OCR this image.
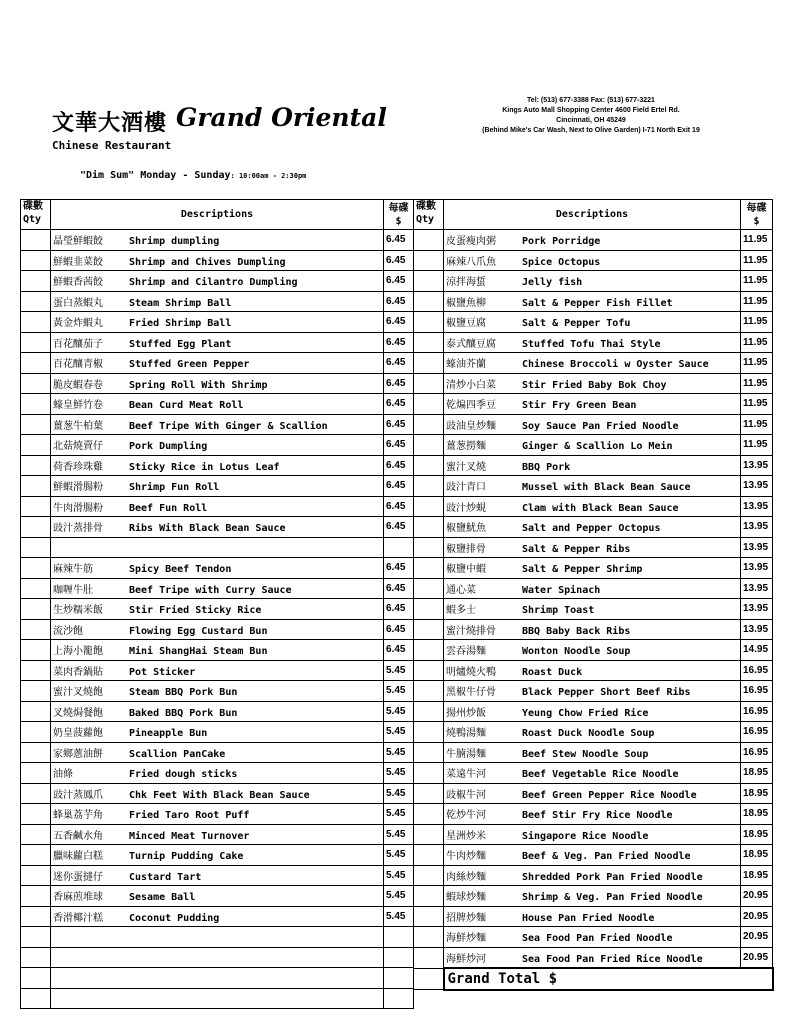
文華大酒樓 Grand Oriental
Chinese Restaurant
"Dim Sum" Monday - Sunday: 10:00am - 2:30pm
Tel: (513) 677-3388 Fax: (513) 677-3221
Kings Auto Mall Shopping Center 4600 Field Ertel Rd.
Cincinnati, OH 45249
(Behind Mike's Car Wash, Next to Olive Garden) I-71 North Exit 19
碟數
Qty	Descriptions	每碟
$
	晶瑩鮮蝦餃 Shrimp dumpling	6.45
	鮮蝦韭菜餃 Shrimp and Chives Dumpling	6.45
	鮮蝦香茜餃 Shrimp and Cilantro Dumpling	6.45
	蛋白蒸蝦丸 Steam Shrimp Ball	6.45
	黃金炸蝦丸 Fried Shrimp Ball	6.45
	百花釀茄子 Stuffed Egg Plant	6.45
	百花釀青椒 Stuffed Green Pepper	6.45
	脆皮蝦春卷 Spring Roll With Shrimp	6.45
	蠔皇鮮竹卷 Bean Curd Meat Roll	6.45
	薑葱牛柏葉 Beef Tripe With Ginger & Scallion	6.45
	北菇燒賣仔 Pork Dumpling	6.45
	荷香珍珠雞 Sticky Rice in Lotus Leaf	6.45
	鮮蝦滑腸粉 Shrimp Fun Roll	6.45
	牛肉滑腸粉 Beef Fun Roll	6.45
	豉汁蒸排骨 Ribs With Black Bean Sauce	6.45

	麻辣牛筋 Spicy Beef Tendon	6.45
	咖喱牛肚 Beef Tripe with Curry Sauce	6.45
	生炒糯米飯 Stir Fried Sticky Rice	6.45
	流沙飽 Flowing Egg Custard Bun	6.45
	上海小籠飽 Mini ShangHai Steam Bun	6.45
	菜肉香鍋貼 Pot Sticker	5.45
	蜜汁叉燒飽 Steam BBQ Pork Bun	5.45
	叉燒焗餐飽 Baked BBQ Pork Bun	5.45
	奶皇菠蘿飽 Pineapple Bun	5.45
	家鄉蔥油餅 Scallion PanCake	5.45
	油條 Fried dough sticks	5.45
	豉汁蒸鳳爪 Chk Feet With Black Bean Sauce	5.45
	蜂巢荔芋角 Fried Taro Root Puff	5.45
	五香鹹水角 Minced Meat Turnover	5.45
	臘味蘿白糕 Turnip Pudding Cake	5.45
	迷你蛋撻仔 Custard Tart	5.45
	香麻煎堆球 Sesame Ball	5.45
	香滑椰汁糕 Coconut Pudding	5.45

碟數
Qty	Descriptions	每碟
$
	皮蛋瘦肉粥 Pork Porridge	11.95
	麻辣八爪魚 Spice Octopus	11.95
	涼拌海蜇 Jelly fish	11.95
	椒鹽魚柳 Salt & Pepper Fish Fillet	11.95
	椒鹽豆腐 Salt & Pepper Tofu	11.95
	泰式釀豆腐 Stuffed Tofu Thai Style	11.95
	蠔油芥蘭 Chinese Broccoli w Oyster Sauce	11.95
	清炒小白菜 Stir Fried Baby Bok Choy	11.95
	乾煸四季豆 Stir Fry Green Bean	11.95
	豉油皇炒麵 Soy Sauce Pan Fried Noodle	11.95
	薑葱撈麵 Ginger & Scallion Lo Mein	11.95
	蜜汁叉燒 BBQ Pork	13.95
	豉汁青口 Mussel with Black Bean Sauce	13.95
	豉汁炒蜆 Clam with Black Bean Sauce	13.95
	椒鹽魷魚 Salt and Pepper Octopus	13.95
	椒鹽排骨 Salt & Pepper Ribs	13.95
	椒鹽中蝦 Salt & Pepper Shrimp	13.95
	通心菜 Water Spinach	13.95
	蝦多士 Shrimp Toast	13.95
	蜜汁燒排骨 BBQ Baby Back Ribs	13.95
	雲吞湯麵 Wonton Noodle Soup	14.95
	明爐燒火鴨 Roast Duck	16.95
	黑椒牛仔骨 Black Pepper Short Beef Ribs	16.95
	揚州炒飯 Yeung Chow Fried Rice	16.95
	燒鴨湯麵 Roast Duck Noodle Soup	16.95
	牛腩湯麵 Beef Stew Noodle Soup	16.95
	菜遠牛河 Beef Vegetable Rice Noodle	18.95
	豉椒牛河 Beef Green Pepper Rice Noodle	18.95
	乾炒牛河 Beef Stir Fry Rice Noodle	18.95
	星洲炒米 Singapore Rice Noodle	18.95
	牛肉炒麵 Beef & Veg. Pan Fried Noodle	18.95
	肉絲炒麵 Shredded Pork Pan Fried Noodle	18.95
	蝦球炒麵 Shrimp & Veg. Pan Fried Noodle	20.95
	招牌炒麵 House Pan Fried Noodle	20.95
	海鮮炒麵 Sea Food Pan Fried Noodle	20.95
	海鮮炒河 Sea Food Pan Fried Rice Noodle	20.95
	Grand Total $	
